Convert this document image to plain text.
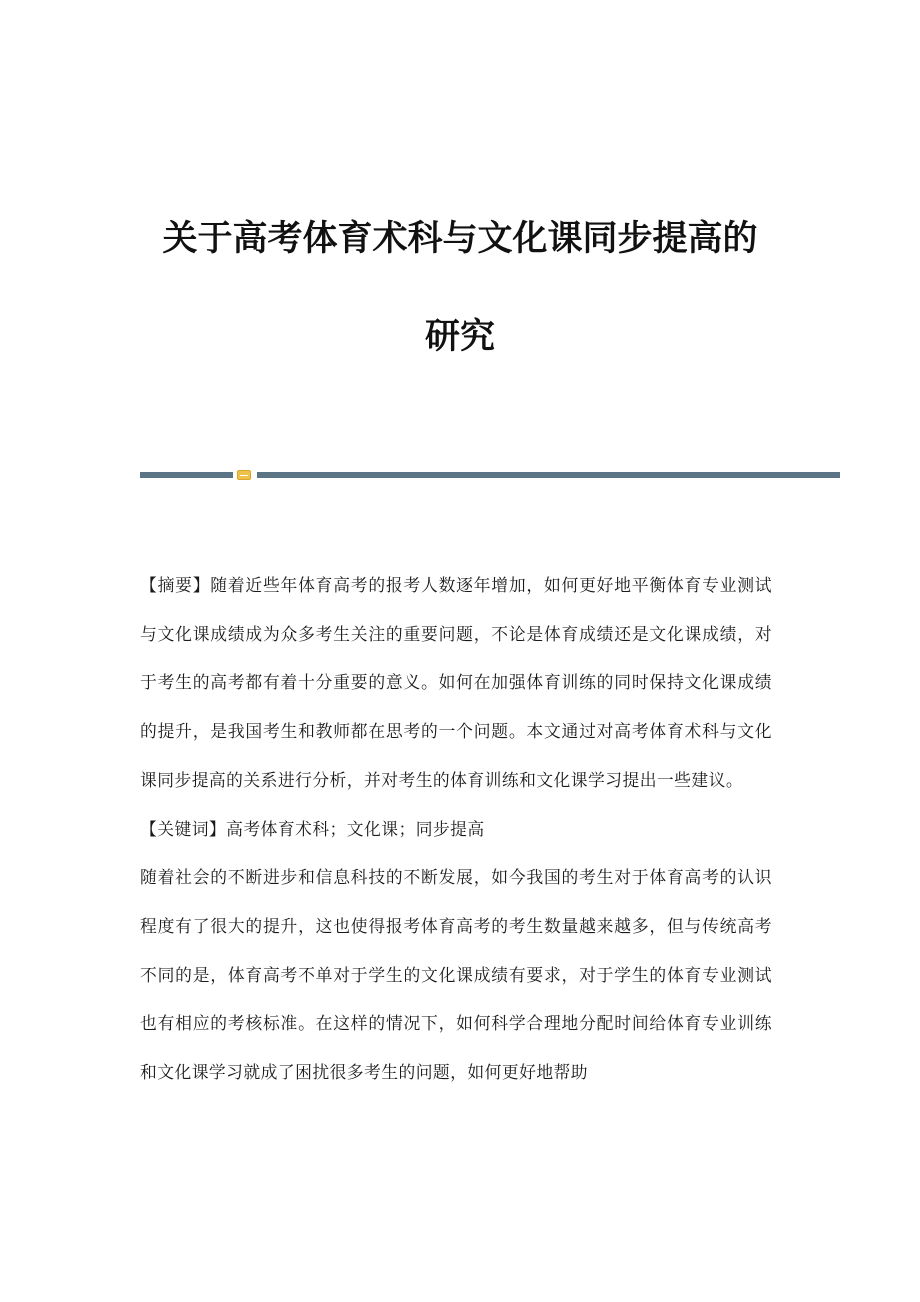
关于高考体育术科与文化课同步提高的
研究

【摘要】随着近些年体育高考的报考人数逐年增加，如何更好地平衡体育专业测试与文化课成绩成为众多考生关注的重要问题，不论是体育成绩还是文化课成绩，对于考生的高考都有着十分重要的意义。如何在加强体育训练的同时保持文化课成绩的提升，是我国考生和教师都在思考的一个问题。本文通过对高考体育术科与文化课同步提高的关系进行分析，并对考生的体育训练和文化课学习提出一些建议。

【关键词】高考体育术科；文化课；同步提高

随着社会的不断进步和信息科技的不断发展，如今我国的考生对于体育高考的认识程度有了很大的提升，这也使得报考体育高考的考生数量越来越多，但与传统高考不同的是，体育高考不单对于学生的文化课成绩有要求，对于学生的体育专业测试也有相应的考核标准。在这样的情况下，如何科学合理地分配时间给体育专业训练和文化课学习就成了困扰很多考生的问题，如何更好地帮助
